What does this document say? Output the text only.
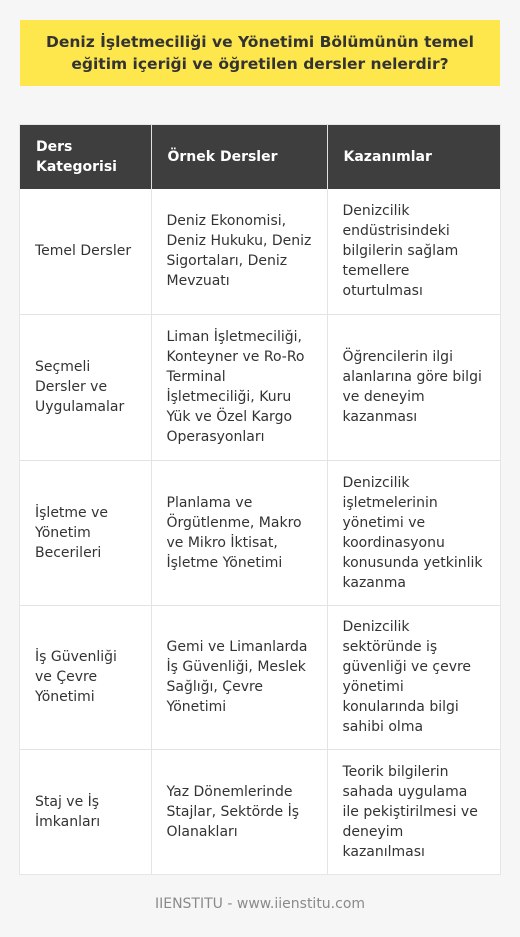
Deniz İşletmeciliği ve Yönetimi Bölümünün temel eğitim içeriği ve öğretilen dersler nelerdir?
Ders Kategorisi	Örnek Dersler	Kazanımlar
Temel Dersler	Deniz Ekonomisi, Deniz Hukuku, Deniz Sigortaları, Deniz Mevzuatı	Denizcilik endüstrisindeki bilgilerin sağlam temellere oturtulması
Seçmeli Dersler ve Uygulamalar	Liman İşletmeciliği, Konteyner ve Ro-Ro Terminal İşletmeciliği, Kuru Yük ve Özel Kargo Operasyonları	Öğrencilerin ilgi alanlarına göre bilgi ve deneyim kazanması
İşletme ve Yönetim Becerileri	Planlama ve Örgütlenme, Makro ve Mikro İktisat, İşletme Yönetimi	Denizcilik işletmelerinin yönetimi ve koordinasyonu konusunda yetkinlik kazanma
İş Güvenliği ve Çevre Yönetimi	Gemi ve Limanlarda İş Güvenliği, Meslek Sağlığı, Çevre Yönetimi	Denizcilik sektöründe iş güvenliği ve çevre yönetimi konularında bilgi sahibi olma
Staj ve İş İmkanları	Yaz Dönemlerinde Stajlar, Sektörde İş Olanakları	Teorik bilgilerin sahada uygulama ile pekiştirilmesi ve deneyim kazanılması
IIENSTITU - www.iienstitu.com
